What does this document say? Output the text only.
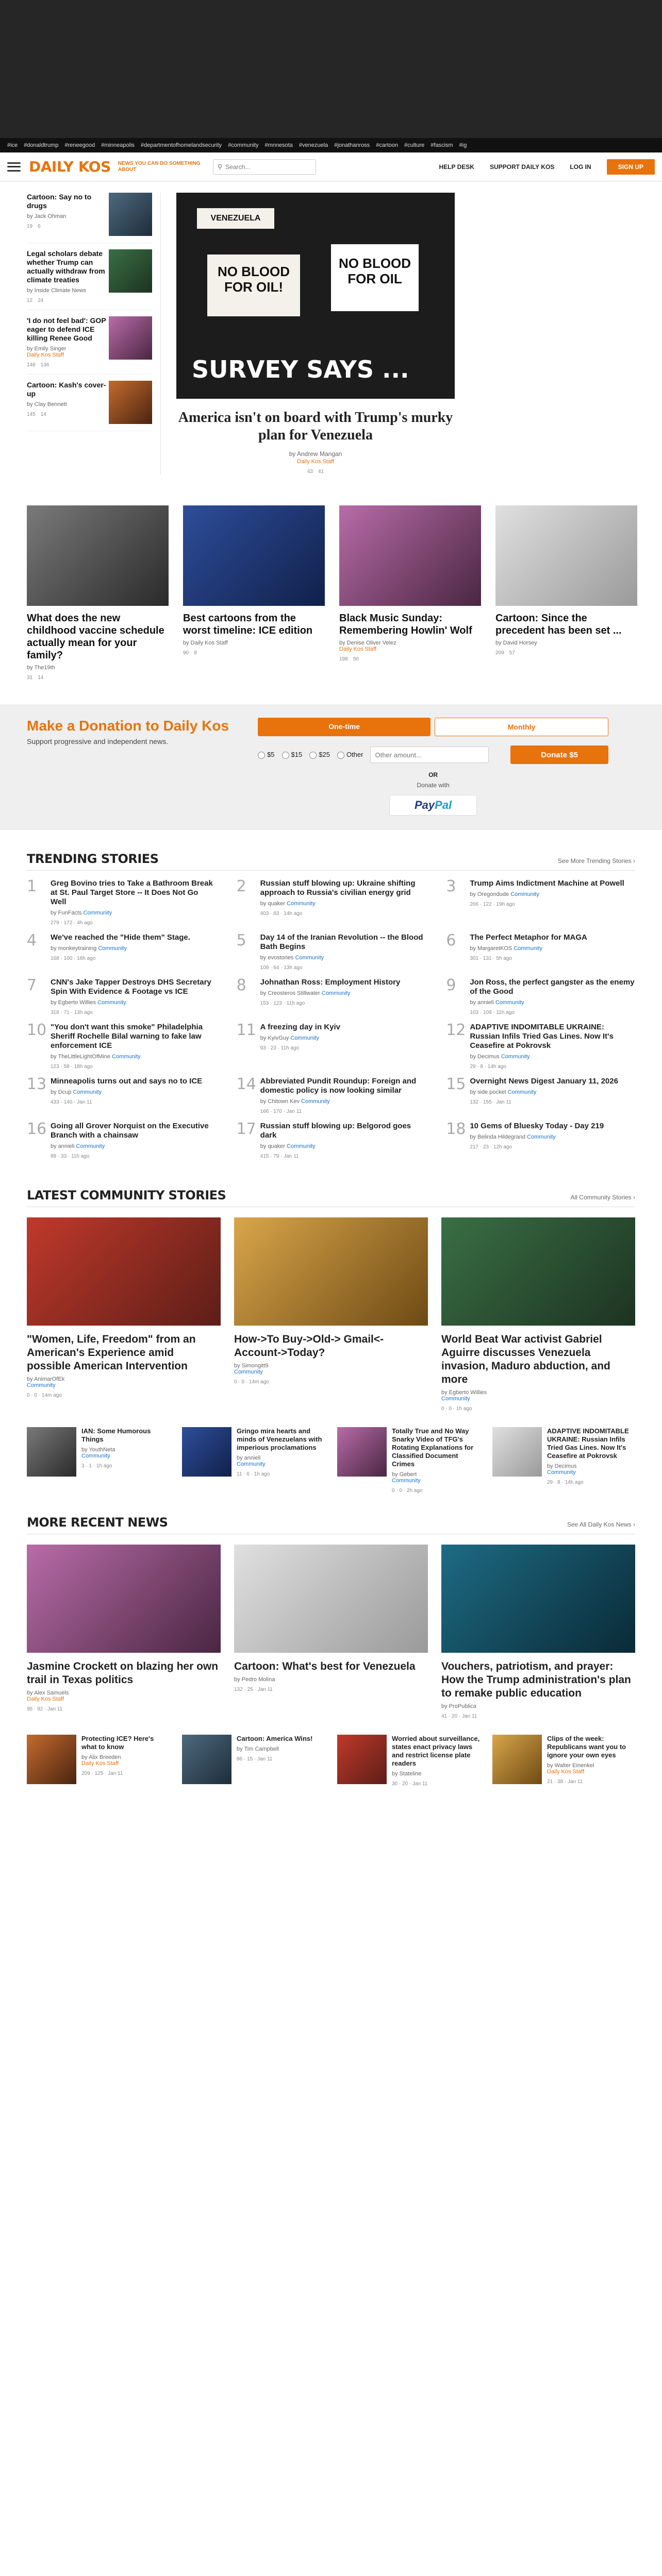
#ice #donaldtrump #reneegood #minneapolis #departmentofhomelandsecurity #community #mnnesota #venezuela #jonathanross #cartoon #culture #fascism #ig
DAILY KOS NEWS YOU CAN DO SOMETHING ABOUT	⚲
Search...	HELP DESK	SUPPORT DAILY KOS	LOG IN	SIGN UP
Cartoon: Say no to drugs
by Jack Ohman
19 6
Legal scholars debate whether Trump can actually withdraw from climate treaties
by Inside Climate News
12 24
'I do not feel bad': GOP eager to defend ICE killing Renee Good
by Emily Singer
Daily Kos Staff
148 136
Cartoon: Kash's cover-up
by Clay Bennett
145 14
VENEZUELA
NO BLOOD FOR OIL!
NO BLOOD FOR OIL
SURVEY SAYS ...
America isn't on board with Trump's murky plan for Venezuela
by Andrew Mangan
Daily Kos Staff
43 41
What does the new childhood vaccine schedule actually mean for your family?
by The19th
31 14
Best cartoons from the worst timeline: ICE edition
by Daily Kos Staff
90 8
Black Music Sunday: Remembering Howlin' Wolf
by Denise Oliver Velez
Daily Kos Staff
198 50
Cartoon: Since the precedent has been set ...
by David Horsey
209 57
Make a Donation to Daily Kos

Support progressive and independent news.

One-time	Monthly
$5	$15	$25	Other
Other amount...	Donate $5
OR
Donate with
Pay Pal
TRENDING STORIES	See More Trending Stories ›
1	Greg Bovino tries to Take a Bathroom Break at St. Paul Target Store -- It Does Not Go Well
by FunFacts Community
279 · 172 · 4h ago
2	Russian stuff blowing up: Ukraine shifting approach to Russia's civilian energy grid
by quaker Community
403 · 83 · 14h ago
3	Trump Aims Indictment Machine at Powell
by Oregondude Community
206 · 122 · 19h ago
4	We've reached the "Hide them" Stage.
by monkeytraining Community
168 · 100 · 16h ago
5	Day 14 of the Iranian Revolution -- the Blood Bath Begins
by evostories Community
109 · 64 · 13h ago
6	The Perfect Metaphor for MAGA
by MargaretKOS Community
301 · 131 · 5h ago
7	CNN's Jake Tapper Destroys DHS Secretary Spin With Evidence & Footage vs ICE
by Egberto Willies Community
318 · 71 · 13h ago
8	Johnathan Ross: Employment History
by Creosteros Stillwater Community
153 · 123 · 11h ago
9	Jon Ross, the perfect gangster as the enemy of the Good
by annieli Community
103 · 109 · 11h ago
10 "You don't want this smoke" Philadelphia Sheriff Rochelle Bilal warning to fake law enforcement ICE
by TheLittleLightOfMine Community
123 · 58 · 18h ago
11 A freezing day in Kyiv
by KyivGuy Community
93 · 23 · 11h ago
12 ADAPTIVE INDOMITABLE UKRAINE: Russian Infils Tried Gas Lines. Now It's Ceasefire at Pokrovsk
by Decimus Community
29 · 8 · 14h ago
13 Minneapolis turns out and says no to ICE
by Dcup Community
433 · 140 · Jan 11
14 Abbreviated Pundit Roundup: Foreign and domestic policy is now looking similar
by Chitown Kev Community
166 · 170 · Jan 11
15 Overnight News Digest January 11, 2026
by side pocket Community
132 · 155 · Jan 11
16 Going all Grover Norquist on the Executive Branch with a chainsaw
by annieli Community
89 · 33 · 11h ago
17 Russian stuff blowing up: Belgorod goes dark
by quaker Community
415 · 79 · Jan 11
18 10 Gems of Bluesky Today - Day 219
by Belinda Hildegrand Community
217 · 23 · 12h ago
LATEST COMMUNITY STORIES	All Community Stories ›
"Women, Life, Freedom" from an American's Experience amid possible American Intervention
by AnimarOfEk
Community
0 · 0 · 14m ago
How->To Buy->Old-> Gmail<-Account->Today?
by Simongitt9
Community
0 · 0 · 14m ago
World Beat War activist Gabriel Aguirre discusses Venezuela invasion, Maduro abduction, and more
by Egberto Willies
Community
0 · 0 · 1h ago
IAN: Some Humorous Things
by YouthNeta
Community
3 · 1 · 1h ago
Gringo mira hearts and minds of Venezuelans with imperious proclamations
by annieli
Community
11 · 6 · 1h ago
Totally True and No Way Snarky Video of TFG's Rotating Explanations for Classified Document Crimes
by Gebert
Community
0 · 0 · 2h ago
ADAPTIVE INDOMITABLE UKRAINE: Russian Infils Tried Gas Lines. Now It's Ceasefire at Pokrovsk
by Decimus
Community
29 · 8 · 14h ago
MORE RECENT NEWS	See All Daily Kos News ›
Jasmine Crockett on blazing her own trail in Texas politics
by Alex Samuels
Daily Kos Staff
95 · 92 · Jan 11
Cartoon: What's best for Venezuela
by Pedro Molina
132 · 25 · Jan 11
Vouchers, patriotism, and prayer: How the Trump administration's plan to remake public education
by ProPublica
41 · 20 · Jan 11
Protecting ICE? Here's what to know
by Alix Breeden
Daily Kos Staff
209 · 125 · Jan 11
Cartoon: America Wins!
by Tim Campbell
86 · 15 · Jan 11
Worried about surveillance, states enact privacy laws and restrict license plate readers
by Stateline
30 · 20 · Jan 11
Clips of the week: Republicans want you to ignore your own eyes
by Walter Einenkel
Daily Kos Staff
21 · 38 · Jan 11
